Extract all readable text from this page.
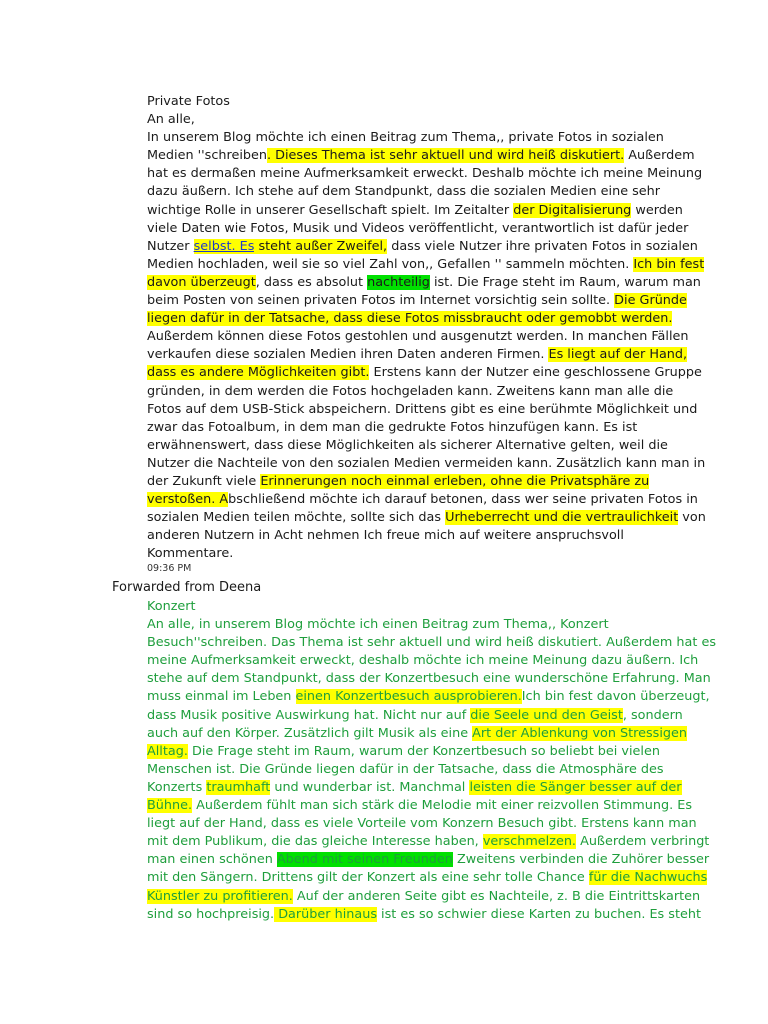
Private Fotos
An alle,
In unserem Blog möchte ich einen Beitrag zum Thema,, private Fotos in sozialen
Medien ''schreiben. Dieses Thema ist sehr aktuell und wird heiß diskutiert. Außerdem
hat es dermaßen meine Aufmerksamkeit erweckt. Deshalb möchte ich meine Meinung
dazu äußern. Ich stehe auf dem Standpunkt, dass die sozialen Medien eine sehr
wichtige Rolle in unserer Gesellschaft spielt. Im Zeitalter der Digitalisierung werden
viele Daten wie Fotos, Musik und Videos veröffentlicht, verantwortlich ist dafür jeder
Nutzer selbst. Es steht außer Zweifel, dass viele Nutzer ihre privaten Fotos in sozialen
Medien hochladen, weil sie so viel Zahl von,, Gefallen '' sammeln möchten. Ich bin fest
davon überzeugt, dass es absolut nachteilig ist. Die Frage steht im Raum, warum man
beim Posten von seinen privaten Fotos im Internet vorsichtig sein sollte. Die Gründe
liegen dafür in der Tatsache, dass diese Fotos missbraucht oder gemobbt werden.
Außerdem können diese Fotos gestohlen und ausgenutzt werden. In manchen Fällen
verkaufen diese sozialen Medien ihren Daten anderen Firmen. Es liegt auf der Hand,
dass es andere Möglichkeiten gibt. Erstens kann der Nutzer eine geschlossene Gruppe
gründen, in dem werden die Fotos hochgeladen kann. Zweitens kann man alle die
Fotos auf dem USB-Stick abspeichern. Drittens gibt es eine berühmte Möglichkeit und
zwar das Fotoalbum, in dem man die gedrukte Fotos hinzufügen kann. Es ist
erwähnenswert, dass diese Möglichkeiten als sicherer Alternative gelten, weil die
Nutzer die Nachteile von den sozialen Medien vermeiden kann. Zusätzlich kann man in
der Zukunft viele Erinnerungen noch einmal erleben, ohne die Privatsphäre zu
verstoßen. Abschließend möchte ich darauf betonen, dass wer seine privaten Fotos in
sozialen Medien teilen möchte, sollte sich das Urheberrecht und die vertraulichkeit von
anderen Nutzern in Acht nehmen Ich freue mich auf weitere anspruchsvoll
Kommentare.
09:36 PM
Forwarded from Deena
Konzert
An alle, in unserem Blog möchte ich einen Beitrag zum Thema,, Konzert
Besuch''schreiben. Das Thema ist sehr aktuell und wird heiß diskutiert. Außerdem hat es
meine Aufmerksamkeit erweckt, deshalb möchte ich meine Meinung dazu äußern. Ich
stehe auf dem Standpunkt, dass der Konzertbesuch eine wunderschöne Erfahrung. Man
muss einmal im Leben einen Konzertbesuch ausprobieren.Ich bin fest davon überzeugt,
dass Musik positive Auswirkung hat. Nicht nur auf die Seele und den Geist, sondern
auch auf den Körper. Zusätzlich gilt Musik als eine Art der Ablenkung von Stressigen
Alltag. Die Frage steht im Raum, warum der Konzertbesuch so beliebt bei vielen
Menschen ist. Die Gründe liegen dafür in der Tatsache, dass die Atmosphäre des
Konzerts traumhaft und wunderbar ist. Manchmal leisten die Sänger besser auf der
Bühne. Außerdem fühlt man sich stärk die Melodie mit einer reizvollen Stimmung. Es
liegt auf der Hand, dass es viele Vorteile vom Konzern Besuch gibt. Erstens kann man
mit dem Publikum, die das gleiche Interesse haben, verschmelzen. Außerdem verbringt
man einen schönen Abend mit seinen Freunden Zweitens verbinden die Zuhörer besser
mit den Sängern. Drittens gilt der Konzert als eine sehr tolle Chance für die Nachwuchs
Künstler zu profitieren. Auf der anderen Seite gibt es Nachteile, z. B die Eintrittskarten
sind so hochpreisig. Darüber hinaus ist es so schwier diese Karten zu buchen. Es steht
